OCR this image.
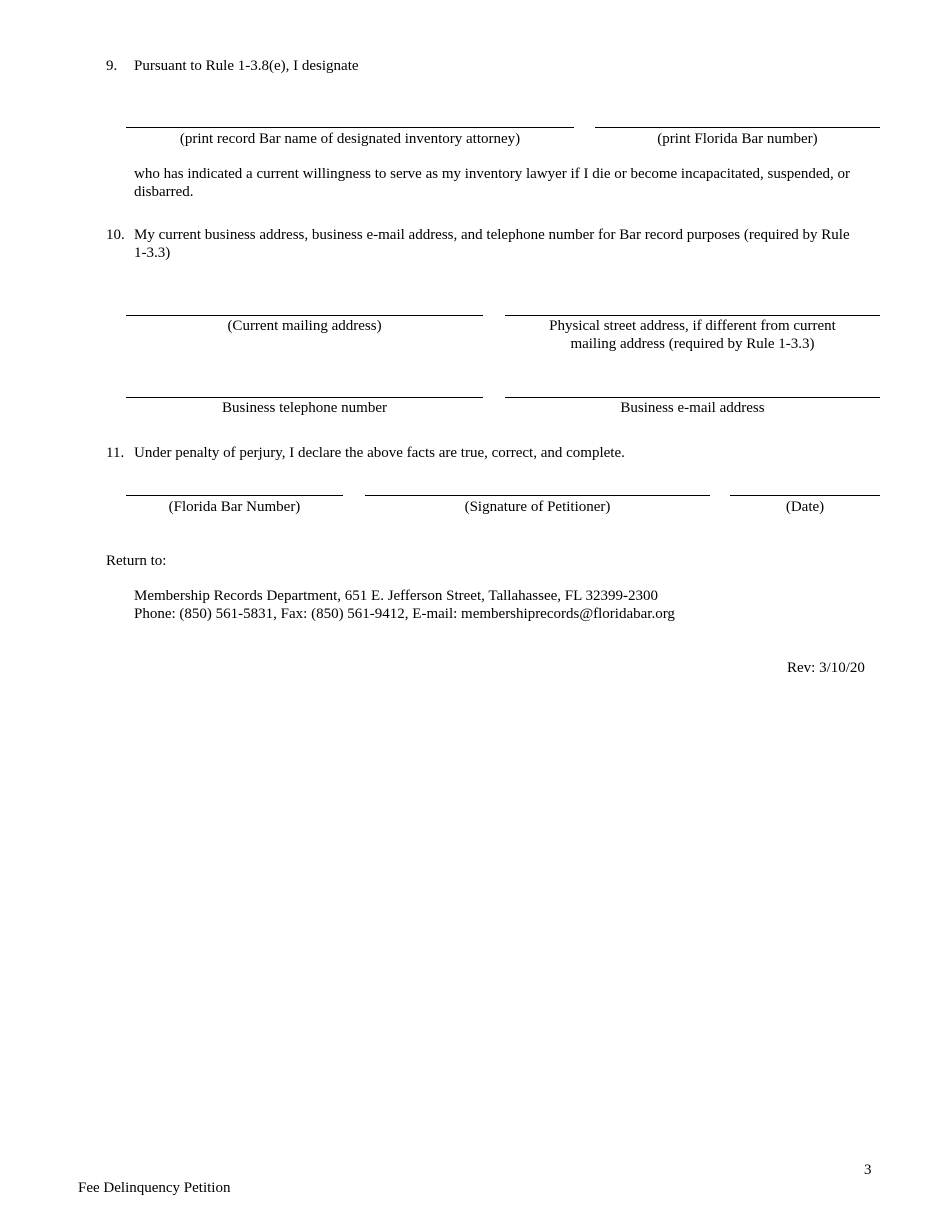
9. Pursuant to Rule 1-3.8(e), I designate
(print record Bar name of designated inventory attorney)	(print Florida Bar number)
who has indicated a current willingness to serve as my inventory lawyer if I die or become incapacitated, suspended, or disbarred.
10. My current business address, business e-mail address, and telephone number for Bar record purposes (required by Rule 1-3.3)
(Current mailing address)	Physical street address, if different from current mailing address (required by Rule 1-3.3)
Business telephone number	Business e-mail address
11. Under penalty of perjury, I declare the above facts are true, correct, and complete.
(Florida Bar Number)	(Signature of Petitioner)	(Date)
Return to:
Membership Records Department, 651 E. Jefferson Street, Tallahassee, FL 32399-2300
Phone: (850) 561-5831, Fax: (850) 561-9412, E-mail: membershiprecords@floridabar.org
Rev: 3/10/20
3
Fee Delinquency Petition
